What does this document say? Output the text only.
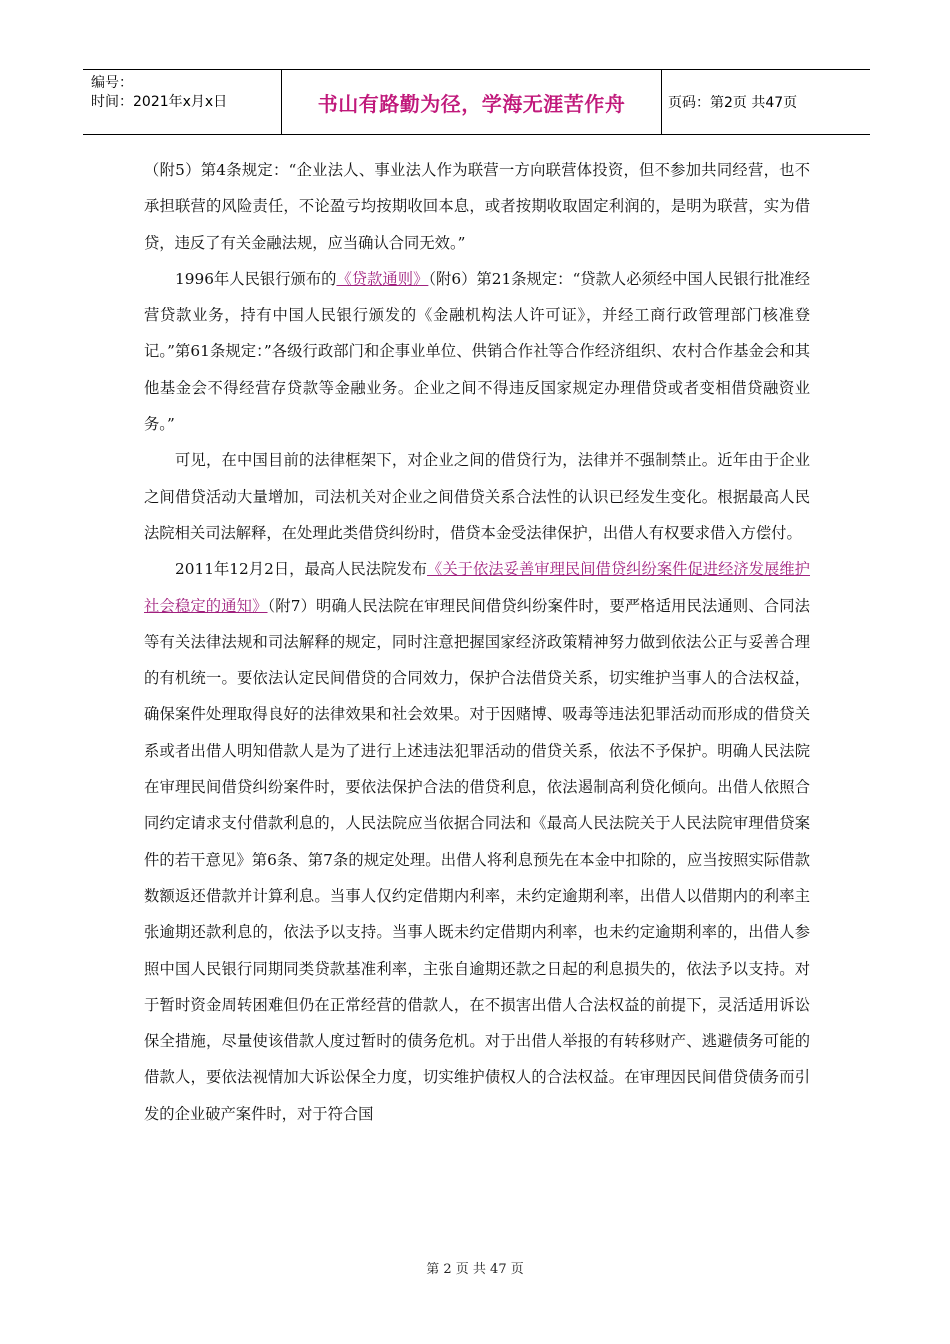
编号：
时间：2021年x月x日	书山有路勤为径，学海无涯苦作舟	页码：第2页 共47页

（附5）第4条规定：“企业法人、事业法人作为联营一方向联营体投资，但不参加共同经营，也不承担联营的风险责任，不论盈亏均按期收回本息，或者按期收取固定利润的，是明为联营，实为借贷，违反了有关金融法规，应当确认合同无效。”

1996年人民银行颁布的《贷款通则》（附6）第21条规定：“贷款人必须经中国人民银行批准经营贷款业务，持有中国人民银行颁发的《金融机构法人许可证》，并经工商行政管理部门核准登记。”第61条规定：”各级行政部门和企事业单位、供销合作社等合作经济组织、农村合作基金会和其他基金会不得经营存贷款等金融业务。企业之间不得违反国家规定办理借贷或者变相借贷融资业务。”

可见，在中国目前的法律框架下，对企业之间的借贷行为，法律并不强制禁止。近年由于企业之间借贷活动大量增加，司法机关对企业之间借贷关系合法性的认识已经发生变化。根据最高人民法院相关司法解释，在处理此类借贷纠纷时，借贷本金受法律保护，出借人有权要求借入方偿付。

2011年12月2日，最高人民法院发布《关于依法妥善审理民间借贷纠纷案件促进经济发展维护社会稳定的通知》（附7）明确人民法院在审理民间借贷纠纷案件时，要严格适用民法通则、合同法等有关法律法规和司法解释的规定，同时注意把握国家经济政策精神努力做到依法公正与妥善合理的有机统一。要依法认定民间借贷的合同效力，保护合法借贷关系，切实维护当事人的合法权益，确保案件处理取得良好的法律效果和社会效果。对于因赌博、吸毒等违法犯罪活动而形成的借贷关系或者出借人明知借款人是为了进行上述违法犯罪活动的借贷关系，依法不予保护。明确人民法院在审理民间借贷纠纷案件时，要依法保护合法的借贷利息，依法遏制高利贷化倾向。出借人依照合同约定请求支付借款利息的，人民法院应当依据合同法和《最高人民法院关于人民法院审理借贷案件的若干意见》第6条、第7条的规定处理。出借人将利息预先在本金中扣除的，应当按照实际借款数额返还借款并计算利息。当事人仅约定借期内利率，未约定逾期利率，出借人以借期内的利率主张逾期还款利息的，依法予以支持。当事人既未约定借期内利率，也未约定逾期利率的，出借人参照中国人民银行同期同类贷款基准利率，主张自逾期还款之日起的利息损失的，依法予以支持。对于暂时资金周转困难但仍在正常经营的借款人，在不损害出借人合法权益的前提下，灵活适用诉讼保全措施，尽量使该借款人度过暂时的债务危机。对于出借人举报的有转移财产、逃避债务可能的借款人，要依法视情加大诉讼保全力度，切实维护债权人的合法权益。在审理因民间借贷债务而引发的企业破产案件时，对于符合国

第 2 页 共 47 页
